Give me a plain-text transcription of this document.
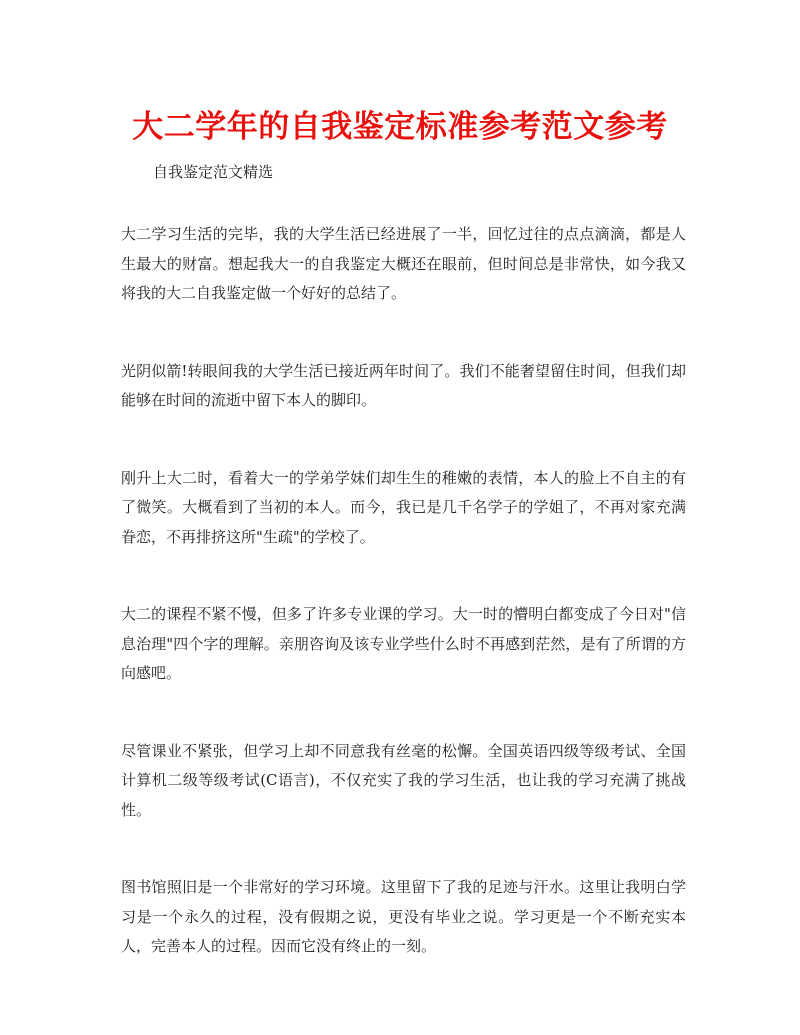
大二学年的自我鉴定标准参考范文参考

自我鉴定范文精选

大二学习生活的完毕，我的大学生活已经进展了一半，回忆过往的点点滴滴，都是人生最大的财富。想起我大一的自我鉴定大概还在眼前，但时间总是非常快，如今我又将我的大二自我鉴定做一个好好的总结了。

光阴似箭!转眼间我的大学生活已接近两年时间了。我们不能奢望留住时间，但我们却能够在时间的流逝中留下本人的脚印。

刚升上大二时，看着大一的学弟学妹们却生生的稚嫩的表情，本人的脸上不自主的有了微笑。大概看到了当初的本人。而今，我已是几千名学子的学姐了，不再对家充满眷恋，不再排挤这所"生疏"的学校了。

大二的课程不紧不慢，但多了许多专业课的学习。大一时的懵明白都变成了今日对"信息治理"四个字的理解。亲朋咨询及该专业学些什么时不再感到茫然，是有了所谓的方向感吧。

尽管课业不紧张，但学习上却不同意我有丝毫的松懈。全国英语四级等级考试、全国计算机二级等级考试(C语言)，不仅充实了我的学习生活，也让我的学习充满了挑战性。

图书馆照旧是一个非常好的学习环境。这里留下了我的足迹与汗水。这里让我明白学习是一个永久的过程，没有假期之说，更没有毕业之说。学习更是一个不断充实本人，完善本人的过程。因而它没有终止的一刻。
